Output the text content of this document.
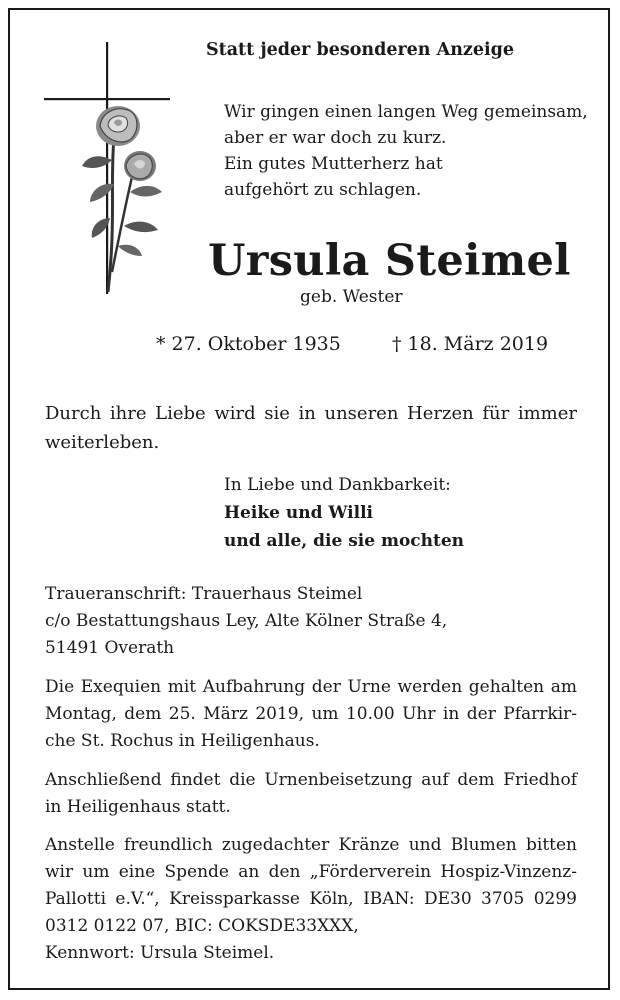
Statt jeder besonderen Anzeige
Wir gingen einen langen Weg gemeinsam,
aber er war doch zu kurz.
Ein gutes Mutterherz hat
aufgehört zu schlagen.
Ursula Steimel
geb. Wester
* 27. Oktober 1935	† 18. März 2019
Durch ihre Liebe wird sie in unseren Herzen für immer weiterleben.
In Liebe und Dankbarkeit:
Heike und Willi
und alle, die sie mochten
Traueranschrift: Trauerhaus Steimel
c/o Bestattungshaus Ley, Alte Kölner Straße 4,
51491 Overath
Die Exequien mit Aufbahrung der Urne werden gehalten am
Montag, dem 25. März 2019, um 10.00 Uhr in der Pfarrkir-
che St. Rochus in Heiligenhaus.
Anschließend findet die Urnenbeisetzung auf dem Friedhof
in Heiligenhaus statt.
Anstelle freundlich zugedachter Kränze und Blumen bitten
wir um eine Spende an den „Förderverein Hospiz-Vinzenz-
Pallotti e.V.“, Kreissparkasse Köln, IBAN: DE30 3705 0299
0312 0122 07, BIC: COKSDE33XXX,
Kennwort: Ursula Steimel.
